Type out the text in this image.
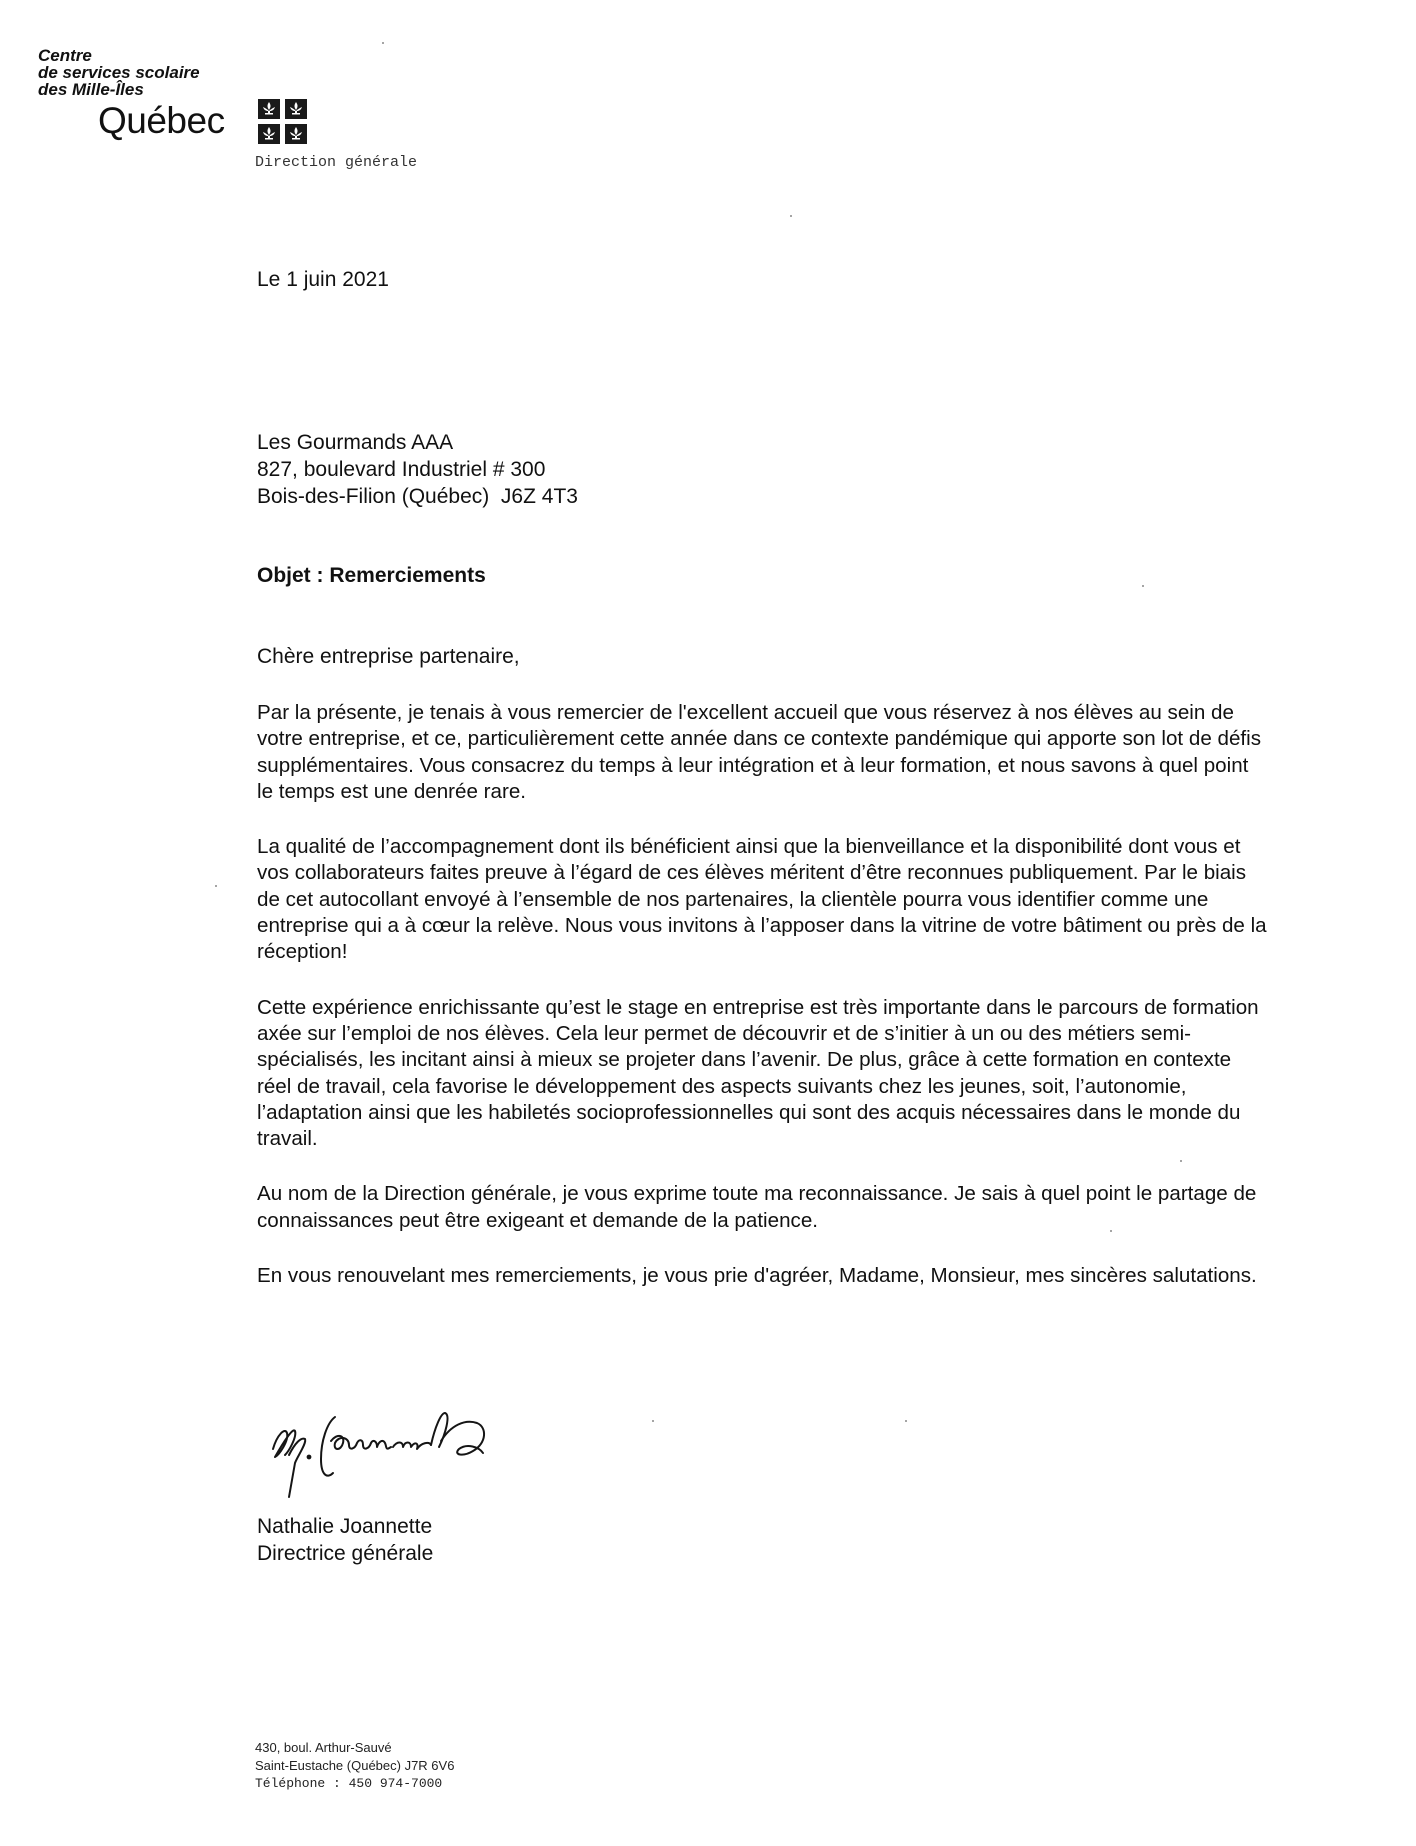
Centre
de services scolaire
des Mille-Îles
Québec
Direction générale
Le 1 juin 2021
Les Gourmands AAA
827, boulevard Industriel # 300
Bois-des-Filion (Québec)  J6Z 4T3
Objet : Remerciements
Chère entreprise partenaire,

Par la présente, je tenais à vous remercier de l'excellent accueil que vous réservez à nos élèves au sein de votre entreprise, et ce, particulièrement cette année dans ce contexte pandémique qui apporte son lot de défis supplémentaires. Vous consacrez du temps à leur intégration et à leur formation, et nous savons à quel point le temps est une denrée rare.

La qualité de l’accompagnement dont ils bénéficient ainsi que la bienveillance et la disponibilité dont vous et vos collaborateurs faites preuve à l’égard de ces élèves méritent d’être reconnues publiquement. Par le biais de cet autocollant envoyé à l’ensemble de nos partenaires, la clientèle pourra vous identifier comme une entreprise qui a à cœur la relève. Nous vous invitons à l’apposer dans la vitrine de votre bâtiment ou près de la réception!

Cette expérience enrichissante qu’est le stage en entreprise est très importante dans le parcours de formation axée sur l’emploi de nos élèves. Cela leur permet de découvrir et de s’initier à un ou des métiers semi-spécialisés, les incitant ainsi à mieux se projeter dans l’avenir. De plus, grâce à cette formation en contexte réel de travail, cela favorise le développement des aspects suivants chez les jeunes, soit, l’autonomie, l’adaptation ainsi que les habiletés socioprofessionnelles qui sont des acquis nécessaires dans le monde du travail.

Au nom de la Direction générale, je vous exprime toute ma reconnaissance. Je sais à quel point le partage de connaissances peut être exigeant et demande de la patience.

En vous renouvelant mes remerciements, je vous prie d'agréer, Madame, Monsieur, mes sincères salutations.

Nathalie Joannette
Directrice générale
430, boul. Arthur-Sauvé
Saint-Eustache (Québec) J7R 6V6
Téléphone : 450 974-7000
